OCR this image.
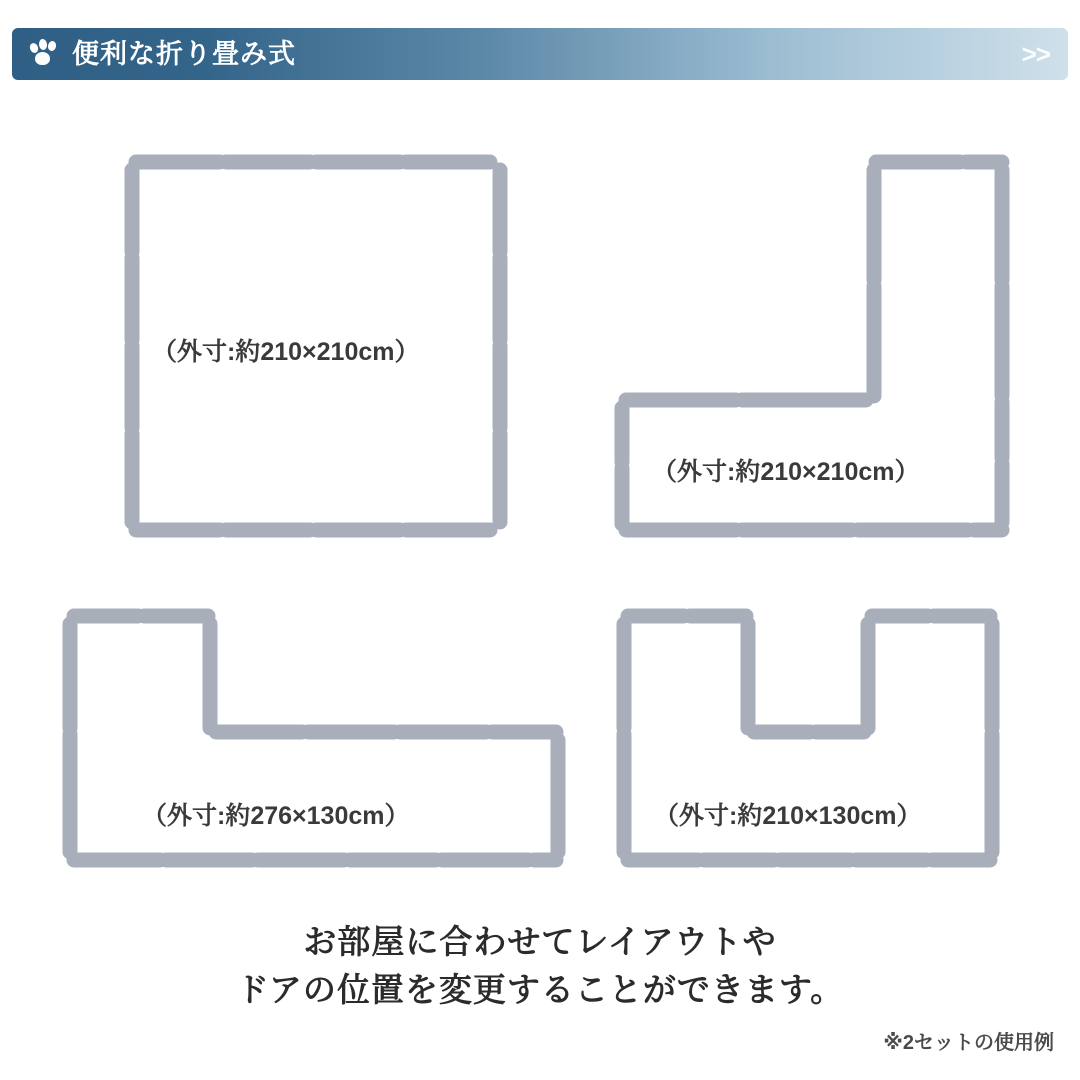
便利な折り畳み式	>>
（外寸:約210×210cm）
（外寸:約210×210cm）
（外寸:約276×130cm）	（外寸:約210×130cm）
お部屋に合わせてレイアウトや
ドアの位置を変更することができます。
※2セットの使用例
